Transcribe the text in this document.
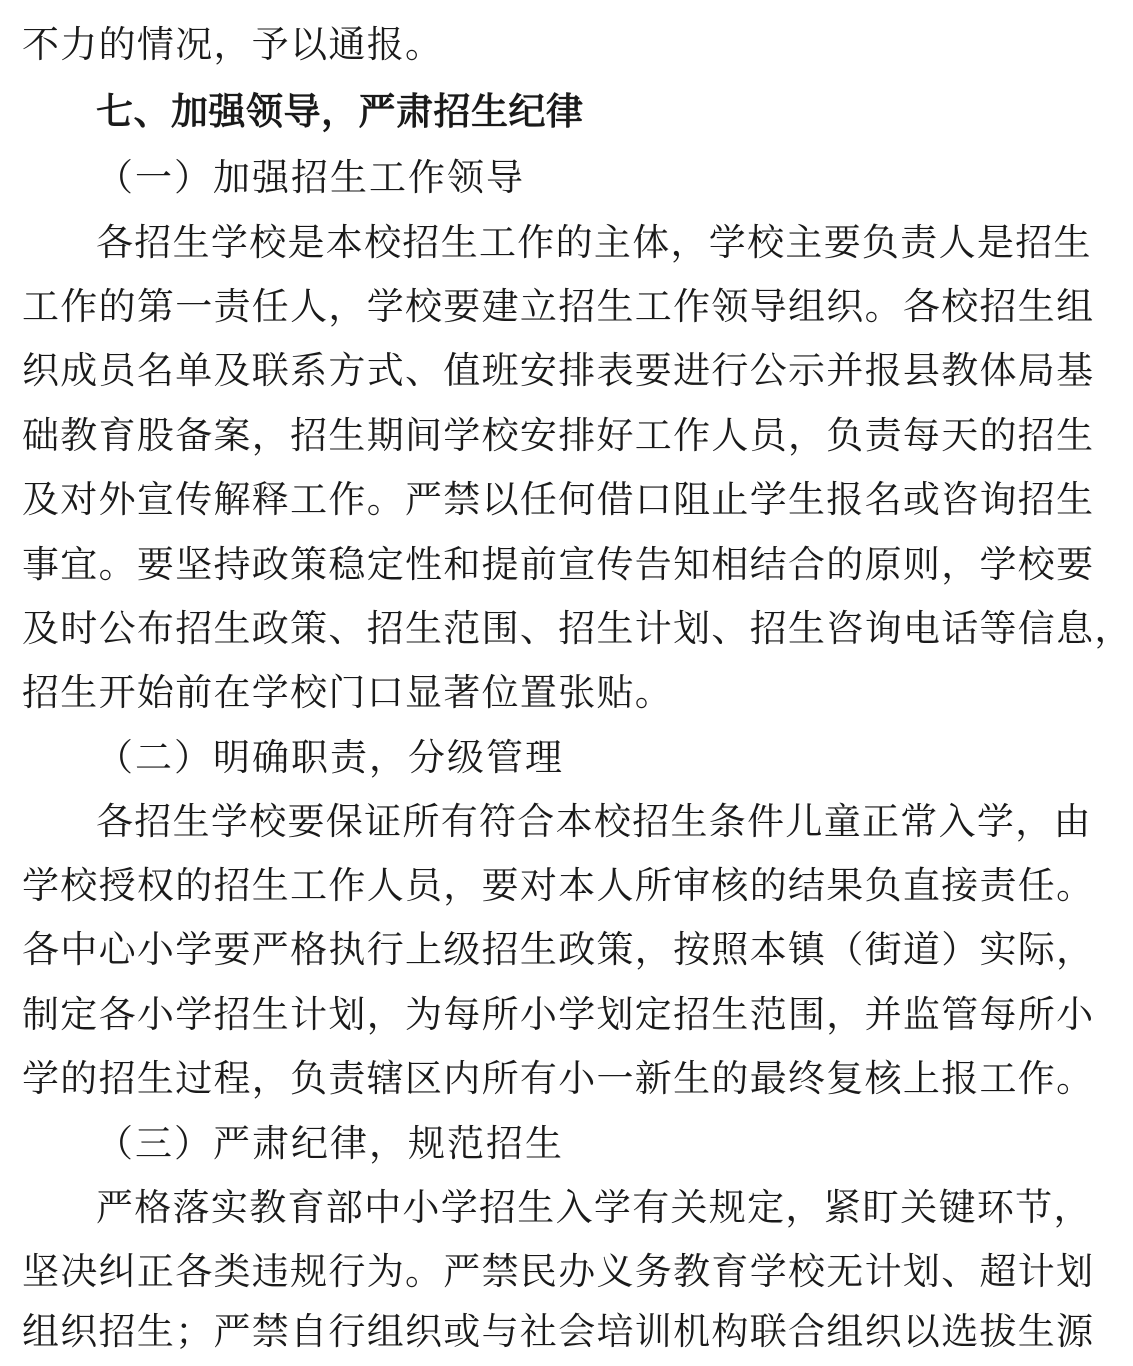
不力的情况，予以通报。
七、加强领导，严肃招生纪律
（一）加强招生工作领导
各招生学校是本校招生工作的主体，学校主要负责人是招生
工作的第一责任人，学校要建立招生工作领导组织。各校招生组
织成员名单及联系方式、值班安排表要进行公示并报县教体局基
础教育股备案，招生期间学校安排好工作人员，负责每天的招生
及对外宣传解释工作。严禁以任何借口阻止学生报名或咨询招生
事宜。要坚持政策稳定性和提前宣传告知相结合的原则，学校要
及时公布招生政策、招生范围、招生计划、招生咨询电话等信息，
招生开始前在学校门口显著位置张贴。
（二）明确职责，分级管理
各招生学校要保证所有符合本校招生条件儿童正常入学，由
学校授权的招生工作人员，要对本人所审核的结果负直接责任。
各中心小学要严格执行上级招生政策，按照本镇（街道）实际，
制定各小学招生计划，为每所小学划定招生范围，并监管每所小
学的招生过程，负责辖区内所有小一新生的最终复核上报工作。
（三）严肃纪律，规范招生
严格落实教育部中小学招生入学有关规定，紧盯关键环节，
坚决纠正各类违规行为。严禁民办义务教育学校无计划、超计划
组织招生；严禁自行组织或与社会培训机构联合组织以选拔生源
